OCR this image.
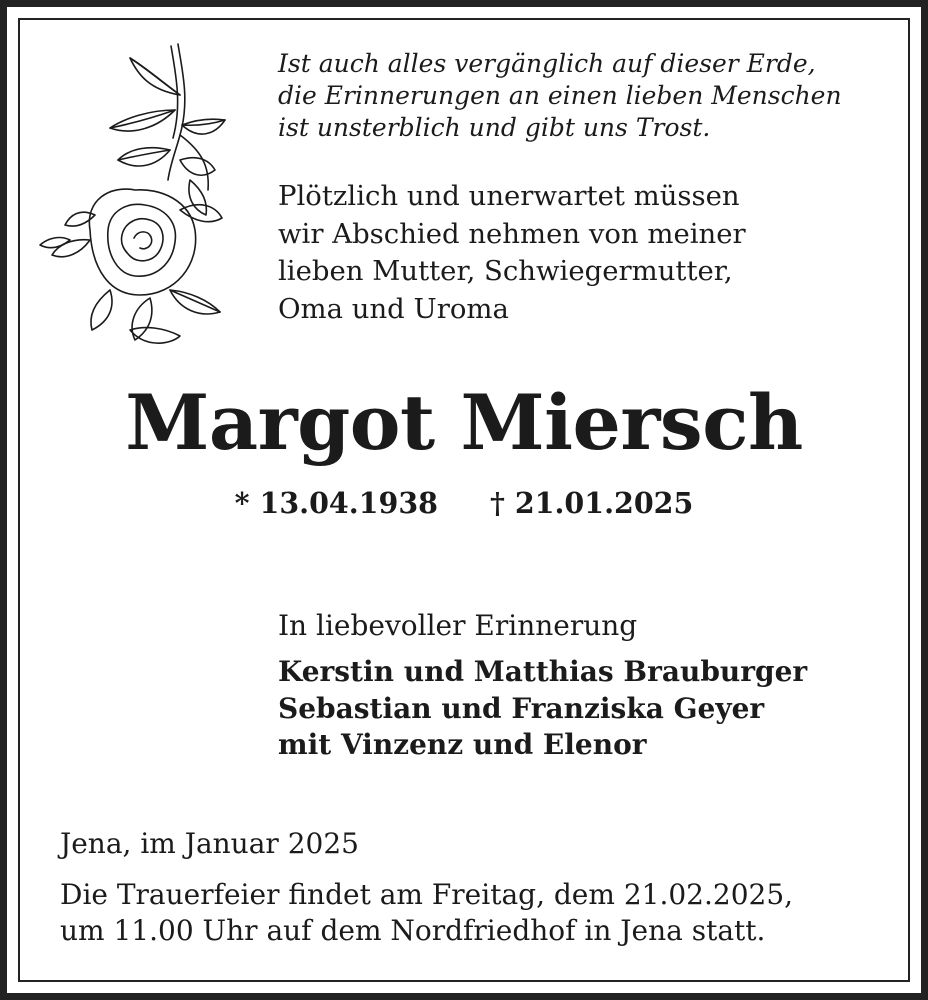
Ist auch alles vergänglich auf dieser Erde,
die Erinnerungen an einen lieben Menschen
ist unsterblich und gibt uns Trost.
Plötzlich und unerwartet müssen
wir Abschied nehmen von meiner
lieben Mutter, Schwiegermutter,
Oma und Uroma
Margot Miersch
* 13.04.1938 † 21.01.2025
In liebevoller Erinnerung
Kerstin und Matthias Brauburger
Sebastian und Franziska Geyer
mit Vinzenz und Elenor
Jena, im Januar 2025
Die Trauerfeier findet am Freitag, dem 21.02.2025,
um 11.00 Uhr auf dem Nordfriedhof in Jena statt.
